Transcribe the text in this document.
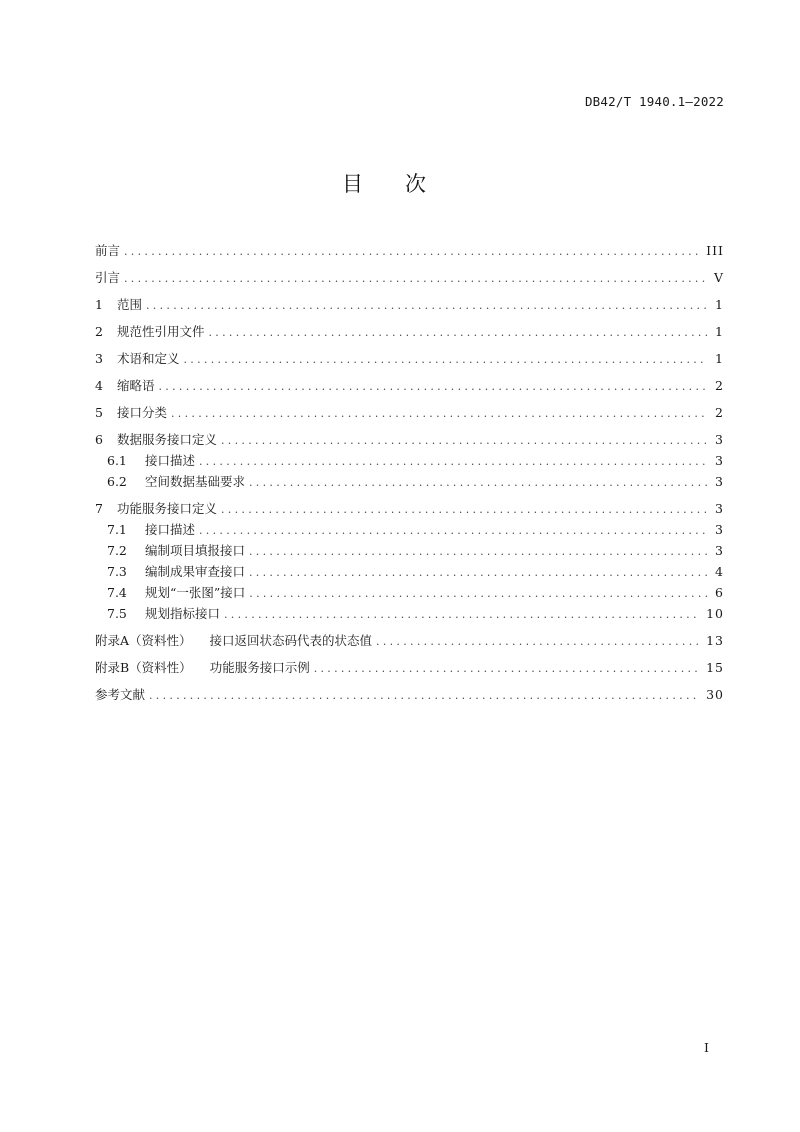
DB42/T 1940.1—2022
目次
前言 .....	III
引言 .....	V
1	范围 .....	1
2	规范性引用文件 .....	1
3	术语和定义 .....	1
4	缩略语 .....	2
5	接口分类 .....	2
6	数据服务接口定义 .....	3
6.1	接口描述 .....	3
6.2	空间数据基础要求 .....	3
7	功能服务接口定义 .....	3
7.1	接口描述 .....	3
7.2	编制项目填报接口 .....	3
7.3	编制成果审查接口 .....	4
7.4	规划“一张图”接口 .....	6
7.5	规划指标接口 .....	10
附录A（资料性） 接口返回状态码代表的状态值 .....	13
附录B（资料性） 功能服务接口示例 .....	15
参考文献 .....	30
I
